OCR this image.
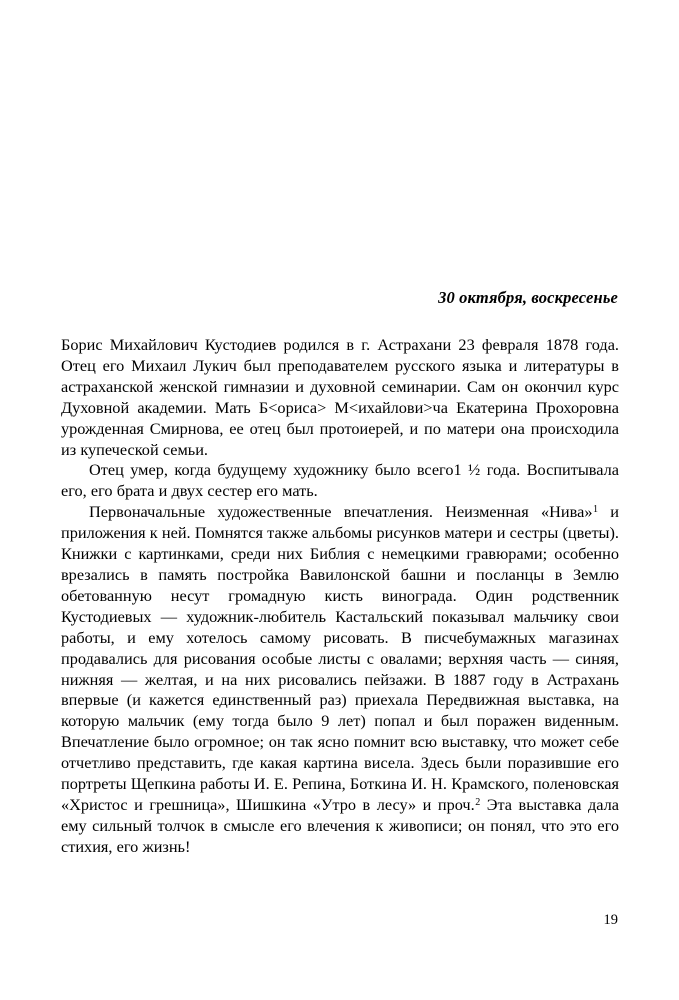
30 октября, воскресенье

Борис Михайлович Кустодиев родился в г. Астрахани 23 февраля 1878 года. Отец его Михаил Лукич был преподавателем русского языка и литературы в астраханской женской гимназии и духовной семинарии. Сам он окончил курс Духовной академии. Мать Б<ориса> М<ихайлови>ча Екатерина Прохоровна урожденная Смирнова, ее отец был протоиерей, и по матери она происходила из купеческой семьи.

Отец умер, когда будущему художнику было всего1 ½ года. Воспитывала его, его брата и двух сестер его мать.

Первоначальные художественные впечатления. Неизменная «Нива»$^1$ и приложения к ней. Помнятся также альбомы рисунков матери и сестры (цветы). Книжки с картинками, среди них Библия с немецкими гравюрами; особенно врезались в память постройка Вавилонской башни и посланцы в Землю обетованную несут громадную кисть винограда. Один родственник Кустодиевых — художник-любитель Кастальский показывал мальчику свои работы, и ему хотелось самому рисовать. В писчебумажных магазинах продавались для рисования особые листы с овалами; верхняя часть — синяя, нижняя — желтая, и на них рисовались пейзажи. В 1887 году в Астрахань впервые (и кажется единственный раз) приехала Передвижная выставка, на которую мальчик (ему тогда было 9 лет) попал и был поражен виденным. Впечатление было огромное; он так ясно помнит всю выставку, что может себе отчетливо представить, где какая картина висела. Здесь были поразившие его портреты Щепкина работы И. Е. Репина, Боткина И. Н. Крамского, поленовская «Христос и грешница», Шишкина «Утро в лесу» и проч.$^2$ Эта выставка дала ему сильный толчок в смысле его влечения к живописи; он понял, что это его стихия, его жизнь!

19
